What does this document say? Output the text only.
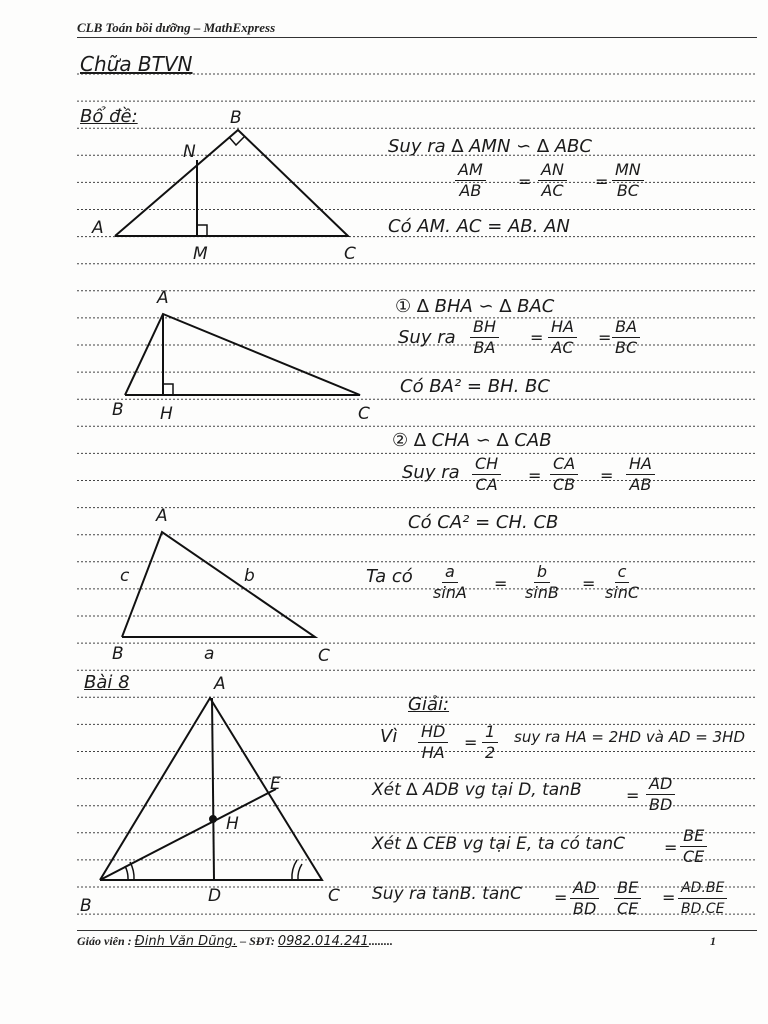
CLB Toán bồi dưỡng – MathExpress
Chữa BTVN
Bổ đề:	B
N
A
M	C
Suy ra ∆ AMN ∽ ∆ ABC
$\frac{AM}{AB} = \frac{AN}{AC} = \frac{MN}{BC}$
Có AM. AC = AB. AN
A
B H	C
① ∆ BHA ∽ ∆ BAC
Suy ra $\frac{BH}{BA} = \frac{HA}{AC} = \frac{BA}{BC}$
Có BA² = BH. BC
② ∆ CHA ∽ ∆ CAB
Suy ra $\frac{CH}{CA} = \frac{CA}{CB} = \frac{HA}{AB}$
Có CA² = CH. CB
A
c	b
B	a	C
Ta có $\frac{a}{\sin A} = \frac{b}{\sin B} = \frac{c}{\sin C}$
Bài 8	A
E
H
B	D	C
Giải:
Vì $\frac{HD}{HA} = \frac{1}{2}$ suy ra HA = 2HD và AD = 3HD
Xét ∆ ADB vg tại D, tanB	= $\frac{AD}{BD}$
Xét ∆ CEB vg tại E, ta có $\tan C = \frac{BE}{CE}$
Suy ra tanB. $\tan C = \frac{AD}{BD} \frac{BE}{CE} = \frac{AD.BE}{BD.CE}$
Giáo viên : Đinh Văn Dũng. – SĐT: 0982.014.241........	1
